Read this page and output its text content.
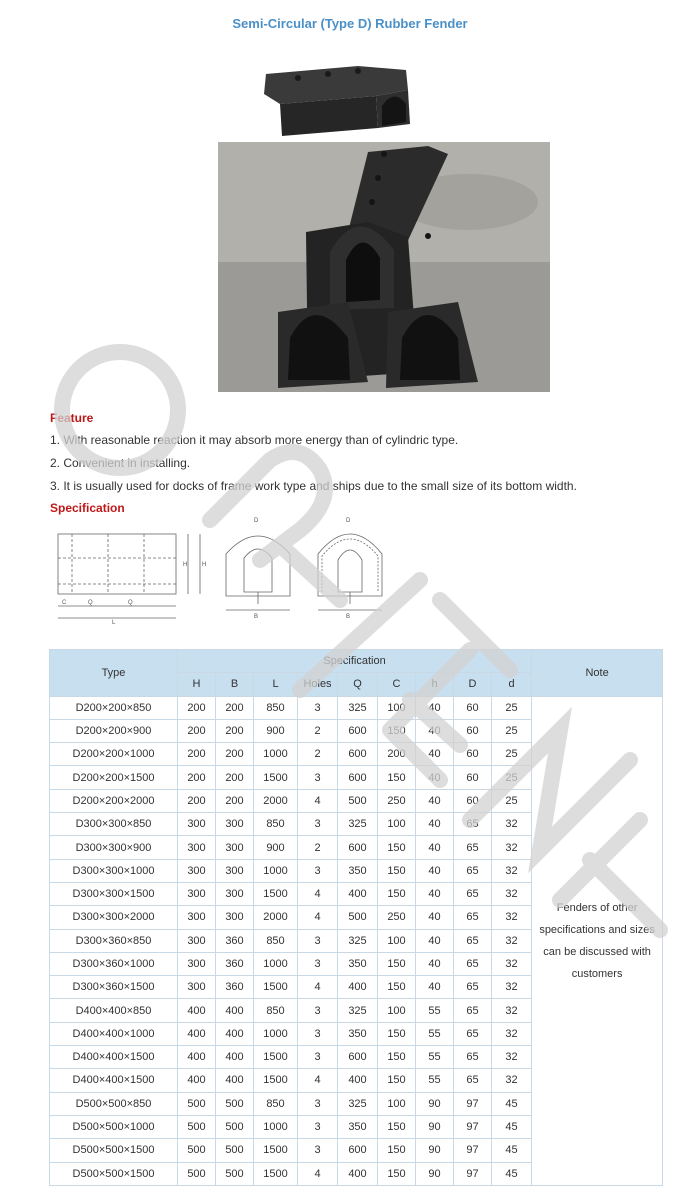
Semi-Circular (Type D) Rubber Fender
Feature
1. With reasonable reaction it may absorb more energy than of cylindric type.
2. Convenient in installing.
3. It is usually used for docks of frame work type and ships due to the small size of its bottom width.
Specification
H H
C	Q	Q
L
D
B
D
B
Type	Specification									Note
	H	B	L	Holes	Q	C	h	D	d	
D200×200×850	200	200	850	3	325	100	40	60	25	Fenders of other specifications and sizes can be discussed with customers
D200×200×900	200	200	900	2	600	150	40	60	25	
D200×200×1000	200	200	1000	2	600	200	40	60	25	
D200×200×1500	200	200	1500	3	600	150	40	60	25	
D200×200×2000	200	200	2000	4	500	250	40	60	25	
D300×300×850	300	300	850	3	325	100	40	65	32	
D300×300×900	300	300	900	2	600	150	40	65	32	
D300×300×1000	300	300	1000	3	350	150	40	65	32	
D300×300×1500	300	300	1500	4	400	150	40	65	32	
D300×300×2000	300	300	2000	4	500	250	40	65	32	
D300×360×850	300	360	850	3	325	100	40	65	32	
D300×360×1000	300	360	1000	3	350	150	40	65	32	
D300×360×1500	300	360	1500	4	400	150	40	65	32	
D400×400×850	400	400	850	3	325	100	55	65	32	
D400×400×1000	400	400	1000	3	350	150	55	65	32	
D400×400×1500	400	400	1500	3	600	150	55	65	32	
D400×400×1500	400	400	1500	4	400	150	55	65	32	
D500×500×850	500	500	850	3	325	100	90	97	45	
D500×500×1000	500	500	1000	3	350	150	90	97	45	
D500×500×1500	500	500	1500	3	600	150	90	97	45	
D500×500×1500	500	500	1500	4	400	150	90	97	45	
